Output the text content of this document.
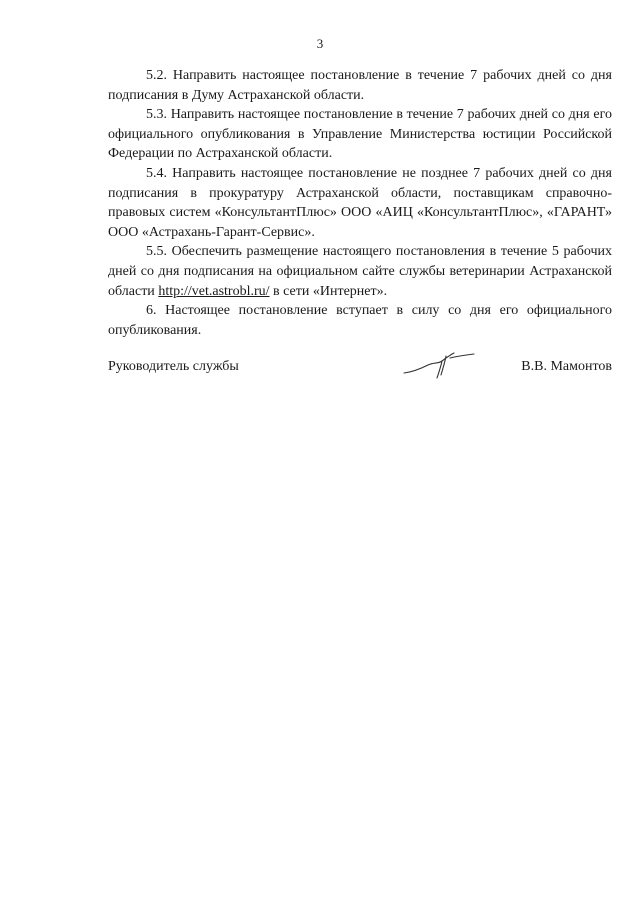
3

5.2. Направить настоящее постановление в течение 7 рабочих дней со дня подписания в Думу Астраханской области.

5.3. Направить настоящее постановление в течение 7 рабочих дней со дня его официального опубликования в Управление Министерства юстиции Российской Федерации по Астраханской области.

5.4. Направить настоящее постановление не позднее 7 рабочих дней со дня подписания в прокуратуру Астраханской области, поставщикам справочно-правовых систем «КонсультантПлюс» ООО «АИЦ «КонсультантПлюс», «ГАРАНТ» ООО «Астрахань-Гарант-Сервис».

5.5. Обеспечить размещение настоящего постановления в течение 5 рабочих дней со дня подписания на официальном сайте службы ветеринарии Астраханской области http://vet.astrobl.ru/ в сети «Интернет».

6. Настоящее постановление вступает в силу со дня его официального опубликования.

Руководитель службы	В.В. Мамонтов
